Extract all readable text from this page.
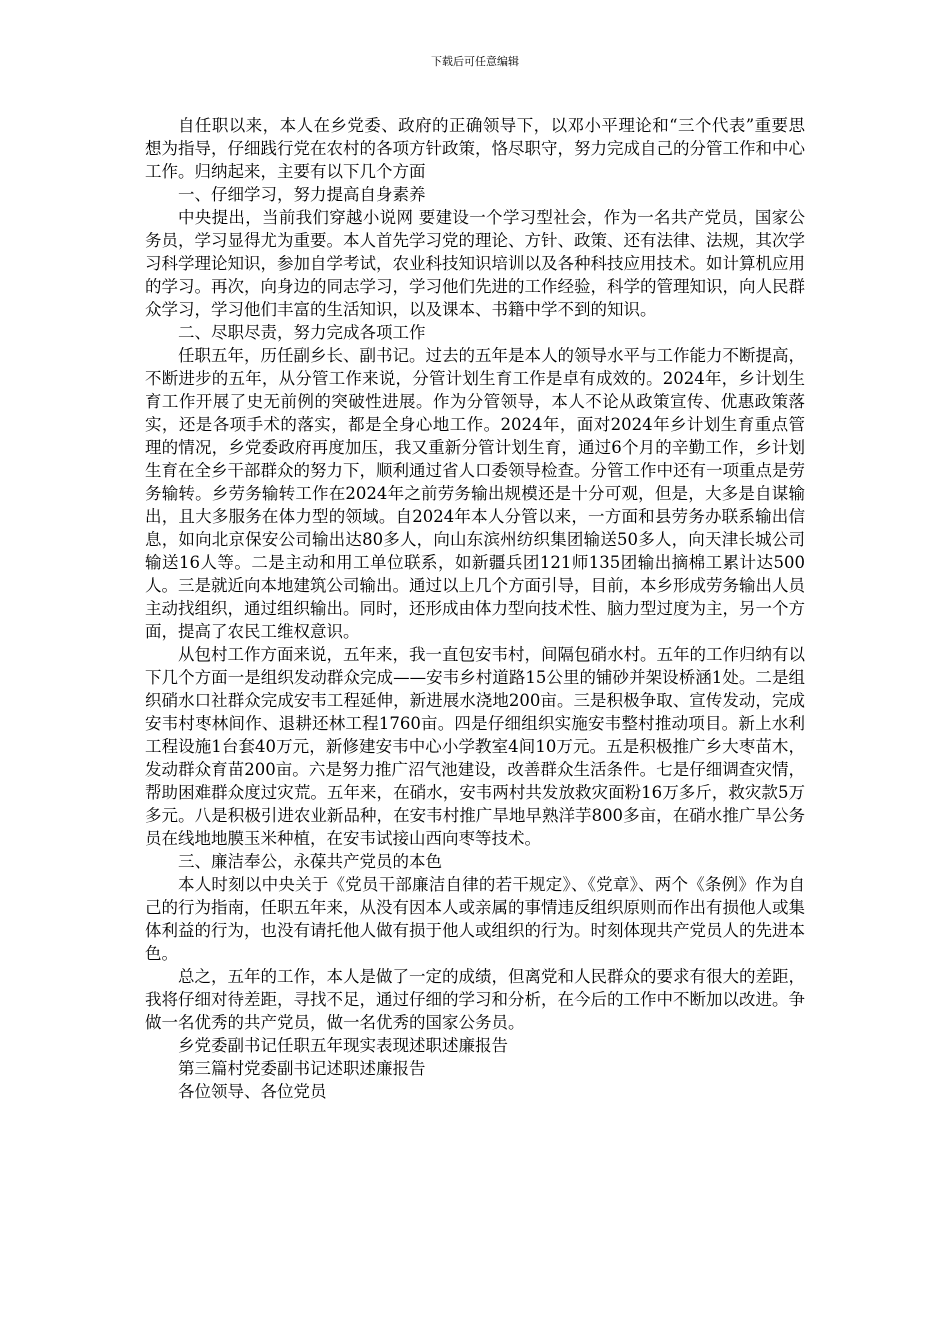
下载后可任意编辑

自任职以来，本人在乡党委、政府的正确领导下，以邓小平理论和“三个代表”重要思想为指导，仔细践行党在农村的各项方针政策，恪尽职守，努力完成自己的分管工作和中心工作。归纳起来，主要有以下几个方面

一、仔细学习，努力提高自身素养

中央提出，当前我们穿越小说网 要建设一个学习型社会，作为一名共产党员，国家公务员，学习显得尤为重要。本人首先学习党的理论、方针、政策、还有法律、法规，其次学习科学理论知识，参加自学考试，农业科技知识培训以及各种科技应用技术。如计算机应用的学习。再次，向身边的同志学习，学习他们先进的工作经验，科学的管理知识，向人民群众学习，学习他们丰富的生活知识，以及课本、书籍中学不到的知识。

二、尽职尽责，努力完成各项工作

任职五年，历任副乡长、副书记。过去的五年是本人的领导水平与工作能力不断提高，不断进步的五年，从分管工作来说，分管计划生育工作是卓有成效的。2024年，乡计划生育工作开展了史无前例的突破性进展。作为分管领导，本人不论从政策宣传、优惠政策落实，还是各项手术的落实，都是全身心地工作。2024年，面对2024年乡计划生育重点管理的情况，乡党委政府再度加压，我又重新分管计划生育，通过6个月的辛勤工作，乡计划生育在全乡干部群众的努力下，顺利通过省人口委领导检查。分管工作中还有一项重点是劳务输转。乡劳务输转工作在2024年之前劳务输出规模还是十分可观，但是，大多是自谋输出，且大多服务在体力型的领域。自2024年本人分管以来，一方面和县劳务办联系输出信息，如向北京保安公司输出达80多人，向山东滨州纺织集团输送50多人，向天津长城公司输送16人等。二是主动和用工单位联系，如新疆兵团121师135团输出摘棉工累计达500人。三是就近向本地建筑公司输出。通过以上几个方面引导，目前，本乡形成劳务输出人员主动找组织，通过组织输出。同时，还形成由体力型向技术性、脑力型过度为主，另一个方面，提高了农民工维权意识。

从包村工作方面来说，五年来，我一直包安韦村，间隔包硝水村。五年的工作归纳有以下几个方面一是组织发动群众完成——安韦乡村道路15公里的铺砂并架设桥涵1处。二是组织硝水口社群众完成安韦工程延伸，新进展水浇地200亩。三是积极争取、宣传发动，完成安韦村枣林间作、退耕还林工程1760亩。四是仔细组织实施安韦整村推动项目。新上水利工程设施1台套40万元，新修建安韦中心小学教室4间10万元。五是积极推广乡大枣苗木，发动群众育苗200亩。六是努力推广沼气池建设，改善群众生活条件。七是仔细调查灾情，帮助困难群众度过灾荒。五年来，在硝水，安韦两村共发放救灾面粉16万多斤，救灾款5万多元。八是积极引进农业新品种，在安韦村推广旱地早熟洋芋800多亩，在硝水推广旱公务员在线地地膜玉米种植，在安韦试接山西向枣等技术。

三、廉洁奉公，永葆共产党员的本色

本人时刻以中央关于《党员干部廉洁自律的若干规定》、《党章》、两个《条例》作为自己的行为指南，任职五年来，从没有因本人或亲属的事情违反组织原则而作出有损他人或集体利益的行为，也没有请托他人做有损于他人或组织的行为。时刻体现共产党员人的先进本色。

总之，五年的工作，本人是做了一定的成绩，但离党和人民群众的要求有很大的差距，我将仔细对待差距，寻找不足，通过仔细的学习和分析，在今后的工作中不断加以改进。争做一名优秀的共产党员，做一名优秀的国家公务员。

乡党委副书记任职五年现实表现述职述廉报告

第三篇村党委副书记述职述廉报告

各位领导、各位党员
